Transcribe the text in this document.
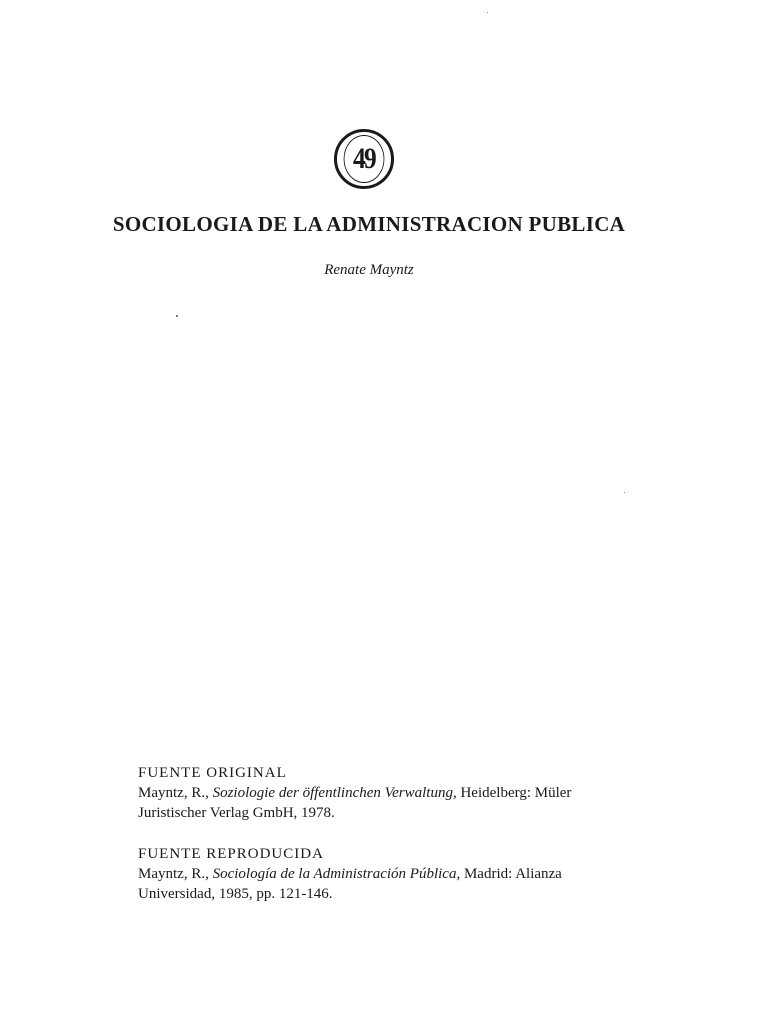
49
SOCIOLOGIA DE LA ADMINISTRACION PUBLICA
Renate Mayntz

FUENTE ORIGINAL

Mayntz, R., Soziologie der öffentlinchen Verwaltung, Heidelberg: Müler

Juristischer Verlag GmbH, 1978.

FUENTE REPRODUCIDA

Mayntz, R., Sociología de la Administración Pública, Madrid: Alianza

Universidad, 1985, pp. 121-146.
